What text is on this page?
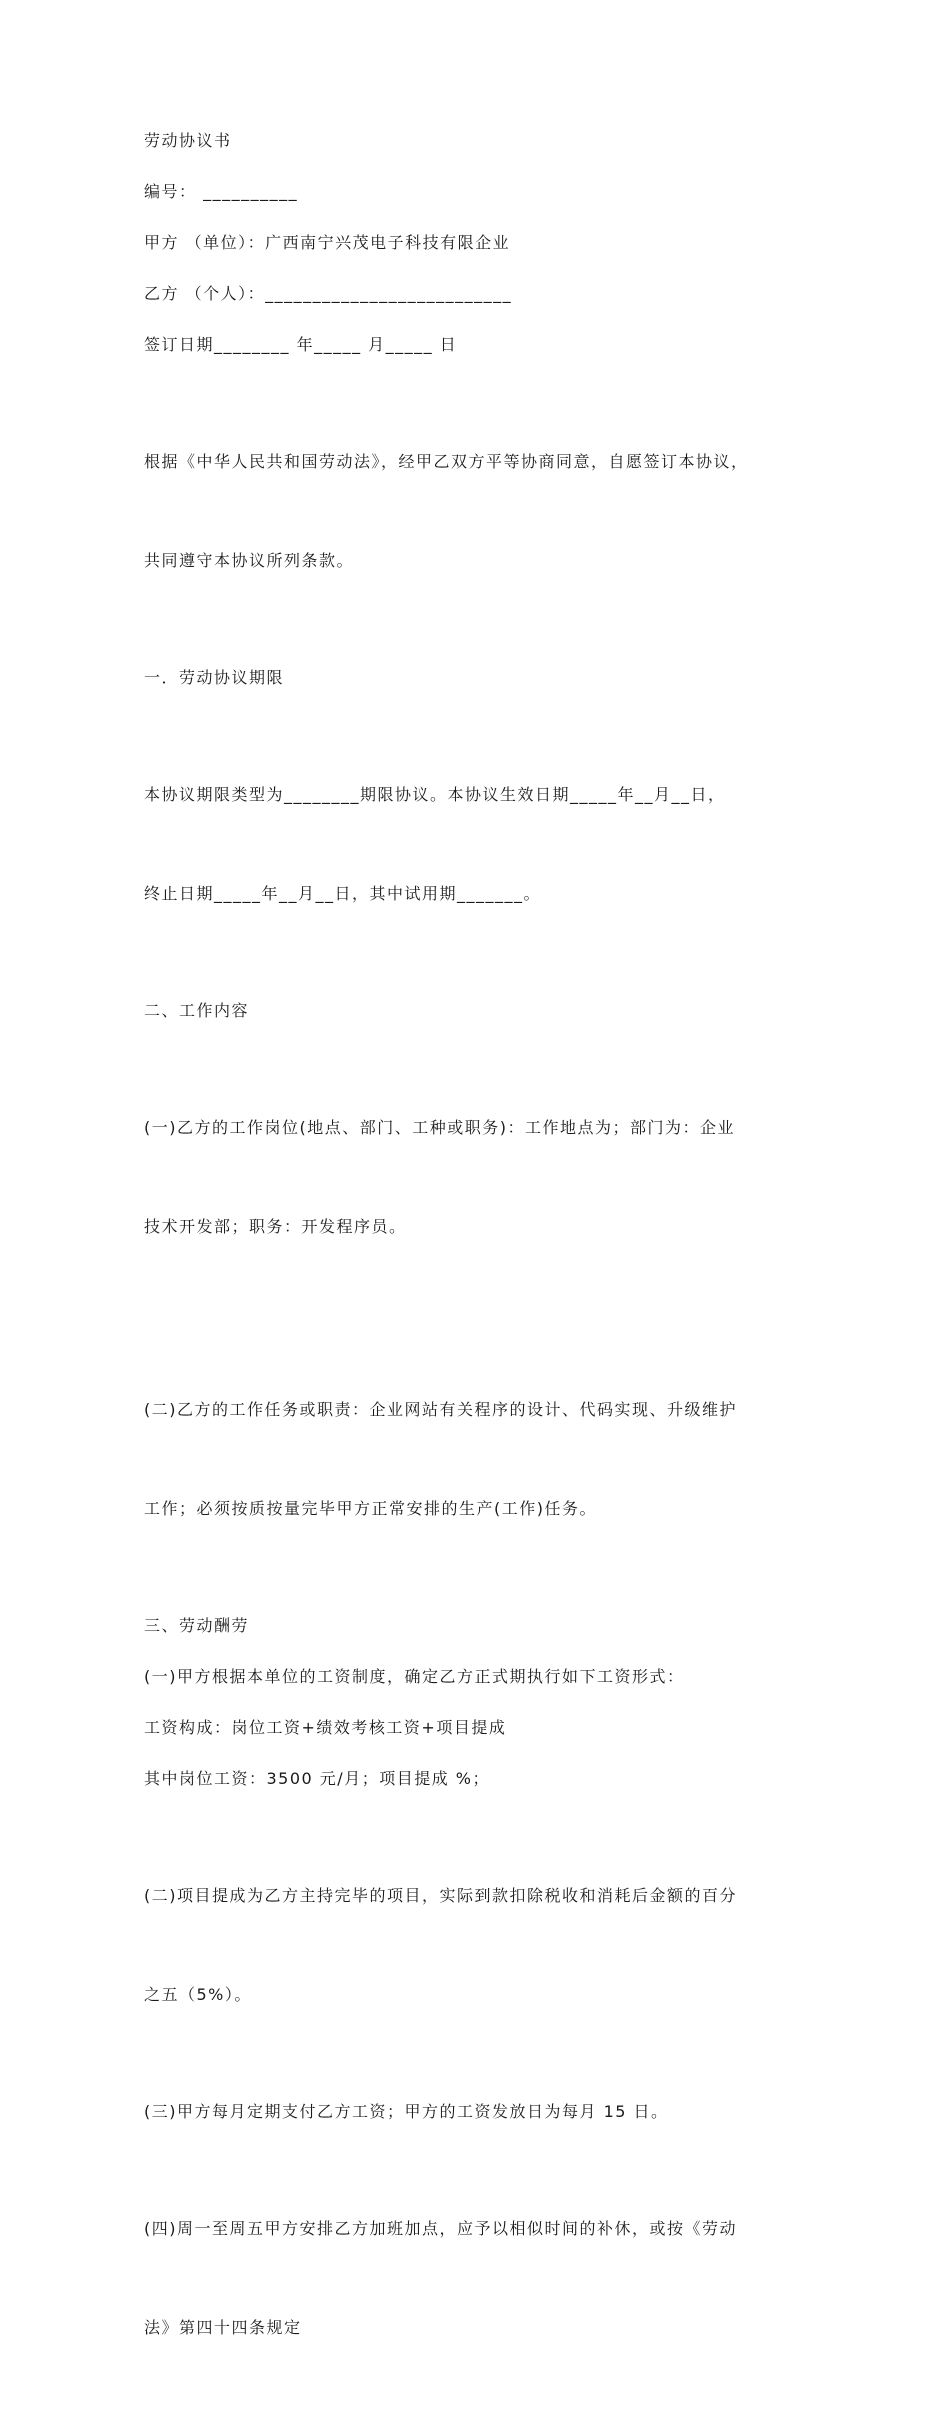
劳动协议书

编号： __________

甲方 （单位）：广西南宁兴茂电子科技有限企业

乙方 （个人）：__________________________

签订日期________ 年_____ 月_____ 日

根据《中华人民共和国劳动法》，经甲乙双方平等协商同意，自愿签订本协议，

共同遵守本协议所列条款。

一．劳动协议期限

本协议期限类型为________期限协议。本协议生效日期_____年__月__日，

终止日期_____年__月__日，其中试用期_______。

二、工作内容

(一)乙方的工作岗位(地点、部门、工种或职务)：工作地点为；部门为：企业

技术开发部；职务：开发程序员。

(二)乙方的工作任务或职责：企业网站有关程序的设计、代码实现、升级维护

工作；必须按质按量完毕甲方正常安排的生产(工作)任务。

三、劳动酬劳

(一)甲方根据本单位的工资制度，确定乙方正式期执行如下工资形式：

工资构成：岗位工资+绩效考核工资+项目提成

其中岗位工资：3500 元/月；项目提成 %；

(二)项目提成为乙方主持完毕的项目，实际到款扣除税收和消耗后金额的百分

之五（5%）。

(三)甲方每月定期支付乙方工资；甲方的工资发放日为每月 15 日。

(四)周一至周五甲方安排乙方加班加点，应予以相似时间的补休，或按《劳动

法》第四十四条规定
